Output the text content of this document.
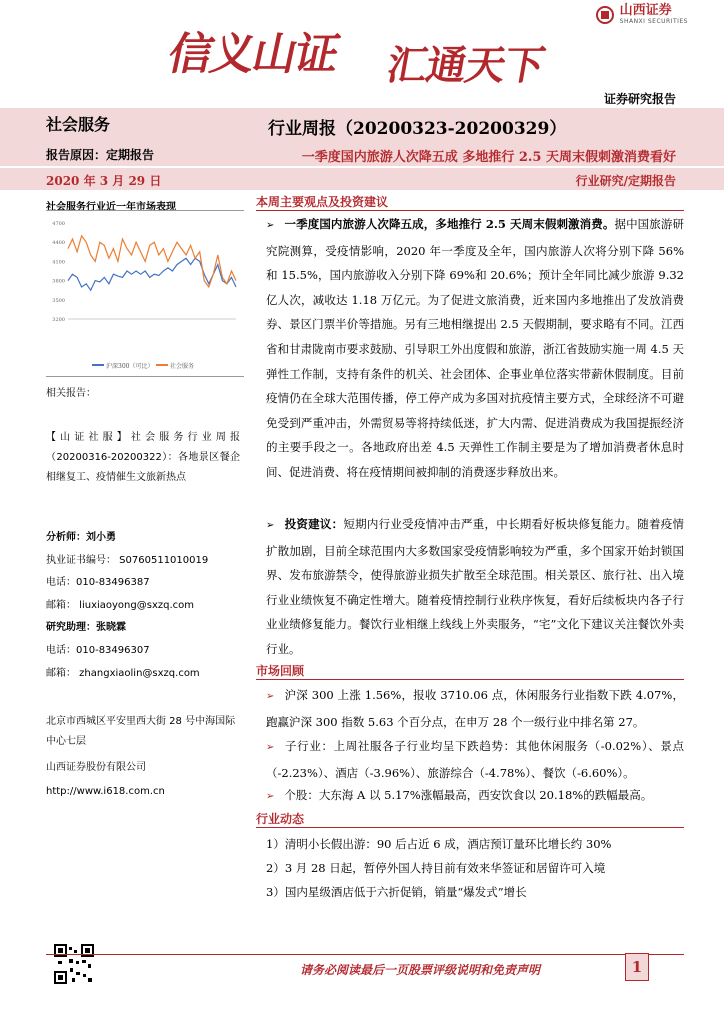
信义山证 汇通天下
山西证券
SHANXI SECURITIES
证券研究报告
社会服务
报告原因：定期报告
行业周报（20200323-20200329）
一季度国内旅游人次降五成 多地推行 2.5 天周末假刺激消费看好
2020 年 3 月 29 日	行业研究/定期报告
社会服务行业近一年市场表现
3200
3500
3800
4100
4400
4700
沪深300（可比）	社会服务
相关报告：
【山证社服】社会服务行业周报（20200316-20200322）：各地景区餐企相继复工、疫情催生文旅新热点
分析师：刘小勇
执业证书编号： S0760511010019
电话：010-83496387
邮箱： liuxiaoyong@sxzq.com
研究助理：张晓霖
电话：010-83496307
邮箱： zhangxiaolin@sxzq.com
北京市西城区平安里西大街 28 号中海国际中心七层
山西证券股份有限公司
http://www.i618.com.cn
本周主要观点及投资建议
➢ 一季度国内旅游人次降五成，多地推行 2.5 天周末假刺激消费。据中国旅游研究院测算，受疫情影响，2020 年一季度及全年，国内旅游人次将分别下降 56%和 15.5%，国内旅游收入分别下降 69%和 20.6%；预计全年同比减少旅游 9.32 亿人次，减收达 1.18 万亿元。为了促进文旅消费，近来国内多地推出了发放消费券、景区门票半价等措施。另有三地相继提出 2.5 天假期制，要求略有不同。江西省和甘肃陇南市要求鼓励、引导职工外出度假和旅游，浙江省鼓励实施一周 4.5 天弹性工作制，支持有条件的机关、社会团体、企事业单位落实带薪休假制度。目前疫情仍在全球大范围传播，停工停产成为多国对抗疫情主要方式，全球经济不可避免受到严重冲击，外需贸易等将持续低迷，扩大内需、促进消费成为我国提振经济的主要手段之一。各地政府出差 4.5 天弹性工作制主要是为了增加消费者休息时间、促进消费、将在疫情期间被抑制的消费逐步释放出来。
➢ 投资建议：短期内行业受疫情冲击严重，中长期看好板块修复能力。随着疫情扩散加剧，目前全球范围内大多数国家受疫情影响较为严重，多个国家开始封锁国界、发布旅游禁令，使得旅游业损失扩散至全球范围。相关景区、旅行社、出入境行业业绩恢复不确定性增大。随着疫情控制行业秩序恢复，看好后续板块内各子行业业绩修复能力。餐饮行业相继上线线上外卖服务，“宅”文化下建议关注餐饮外卖行业。
市场回顾
➢ 沪深 300 上涨 1.56%，报收 3710.06 点，休闲服务行业指数下跌 4.07%，跑赢沪深 300 指数 5.63 个百分点，在申万 28 个一级行业中排名第 27。
➢ 子行业：上周社服各子行业均呈下跌趋势：其他休闲服务（-0.02%）、景点（-2.23%）、酒店（-3.96%）、旅游综合（-4.78%）、餐饮（-6.60%）。
➢ 个股：大东海 A 以 5.17%涨幅最高，西安饮食以 20.18%的跌幅最高。
行业动态
1）清明小长假出游：90 后占近 6 成，酒店预订量环比增长约 30%
2）3 月 28 日起，暂停外国人持目前有效来华签证和居留许可入境
3）国内星级酒店低于六折促销，销量“爆发式”增长
请务必阅读最后一页股票评级说明和免责声明	1
